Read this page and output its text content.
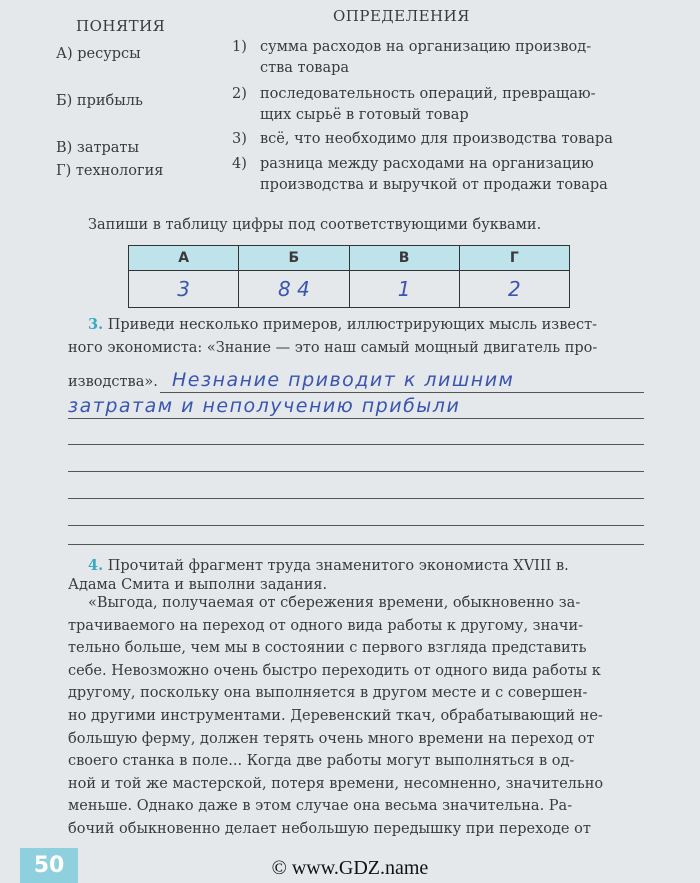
ПОНЯТИЯ
ОПРЕДЕЛЕНИЯ
А) ресурсы
Б) прибыль
В) затраты
Г) технология
1) сумма расходов на организацию производ-
ства товара
2) последовательность операций, превращаю-
щих сырьё в готовый товар
3) всё, что необходимо для производства товара
4) разница между расходами на организацию
производства и выручкой от продажи товара
Запиши в таблицу цифры под соответствующими буквами.
А	Б	В	Г
3	8 4	1	2
3. Приведи несколько примеров, иллюстрирующих мысль извест-
ного экономиста: «Знание — это наш самый мощный двигатель про-
изводства». Незнание приводит к лишним
затратам и неполучению прибыли
4. Прочитай фрагмент труда знаменитого экономиста XVIII в.
Адама Смита и выполни задания.
«Выгода, получаемая от сбережения времени, обыкновенно за-
трачиваемого на переход от одного вида работы к другому, значи-
тельно больше, чем мы в состоянии с первого взгляда представить
себе. Невозможно очень быстро переходить от одного вида работы к
другому, поскольку она выполняется в другом месте и с совершен-
но другими инструментами. Деревенский ткач, обрабатывающий не-
большую ферму, должен терять очень много времени на переход от
своего станка в поле... Когда две работы могут выполняться в од-
ной и той же мастерской, потеря времени, несомненно, значительно
меньше. Однако даже в этом случае она весьма значительна. Ра-
бочий обыкновенно делает небольшую передышку при переходе от
50	© www.GDZ.name
